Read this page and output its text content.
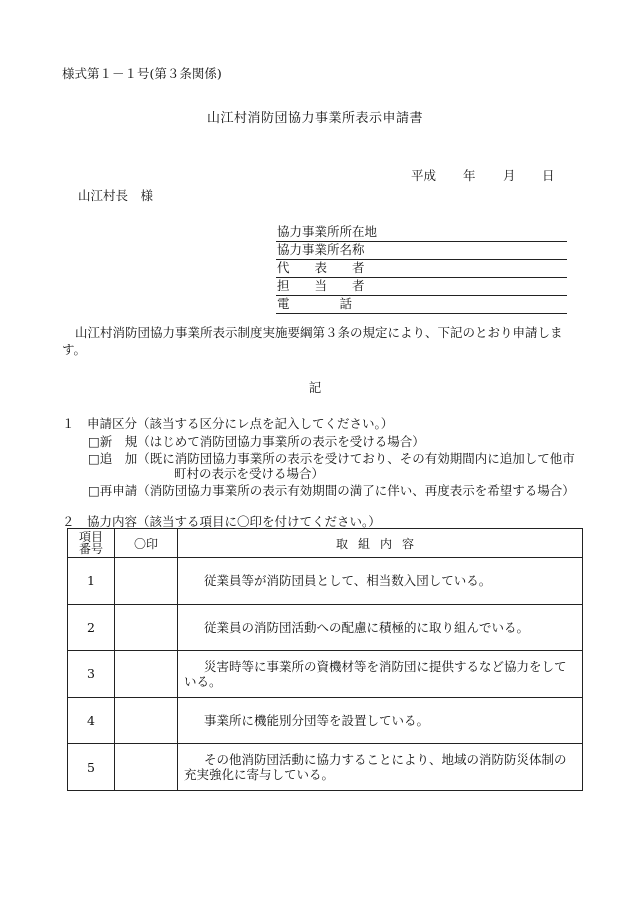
様式第１－１号(第３条関係)
山江村消防団協力事業所表示申請書
平成 年 月 日
山江村長　様
協力事業所所在地
協力事業所名称
代　　表　　者
担　　当　　者
電　　　　話
山江村消防団協力事業所表示制度実施要綱第３条の規定により、下記のとおり申請します。
記
１　申請区分（該当する区分にレ点を記入してください。）
□新　規（はじめて消防団協力事業所の表示を受ける場合）
□追　加（既に消防団協力事業所の表示を受けており、その有効期間内に追加して他市
町村の表示を受ける場合）
□再申請（消防団協力事業所の表示有効期間の満了に伴い、再度表示を希望する場合）
２　協力内容（該当する項目に〇印を付けてください。）
項目
番号	〇印	取組内容
1		従業員等が消防団員として、相当数入団している。
2		従業員の消防団活動への配慮に積極的に取り組んでいる。
3		災害時等に事業所の資機材等を消防団に提供するなど協力をしている。
4		事業所に機能別分団等を設置している。
5		その他消防団活動に協力することにより、地域の消防防災体制の充実強化に寄与している。
